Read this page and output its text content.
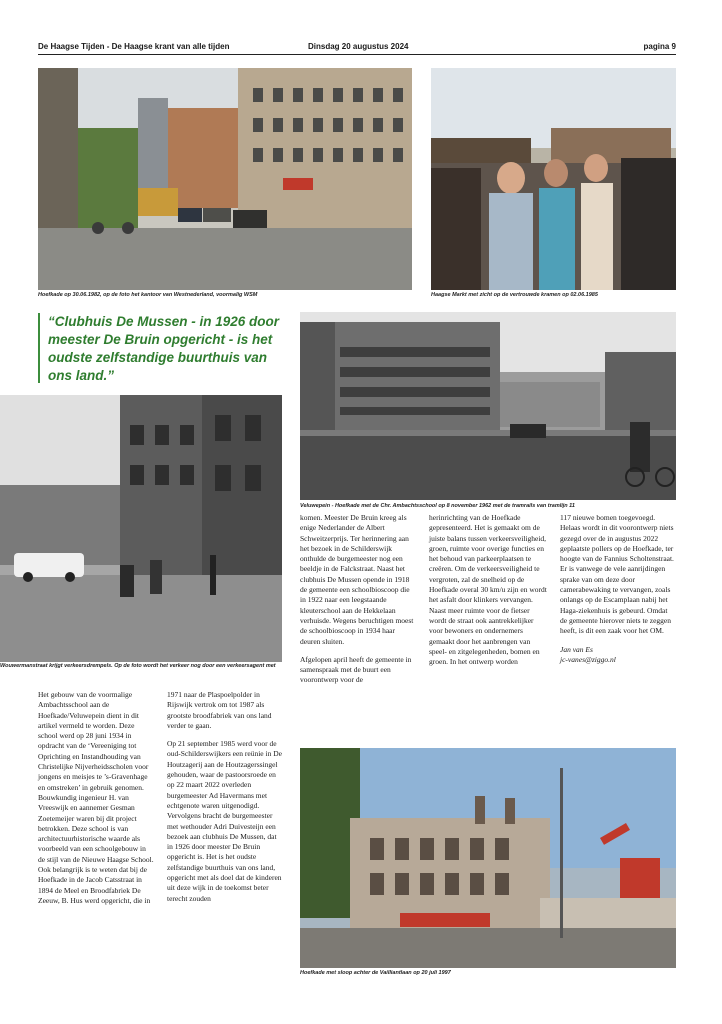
De Haagse Tijden - De Haagse krant van alle tijden	Dinsdag 20 augustus 2024	pagina 9
Hoefkade op 30.06.1982, op de foto het kantoor van Westnederland, voormalig WSM	Haagse Markt met zicht op de vertrouwde kramen op 02.06.1985

“Clubhuis De Mussen - in 1926 door meester De Bruin opgericht - is het oudste zelfstandige buurthuis van ons land.”

Veluwepein - Hoefkade met de Chr. Ambachtsschool op 8 november 1962 met de tramrails van tramlijn 11
Wouwermanstraat krijgt verkeersdrempels. Op de foto wordt het verkeer nog door een verkeersagent met

Het gebouw van de voormalige Ambachtsschool aan de Hoefkade/Veluwepein dient in dit artikel vermeld te worden. Deze school werd op 28 juni 1934 in opdracht van de ‘Vereeniging tot Oprichting en Instandhouding van Christelijke Nijverheidsscholen voor jongens en meisjes te ’s-Gravenhage en omstreken’ in gebruik genomen. Bouwkundig ingenieur H. van Vreeswijk en aannemer Gesman Zoetemeijer waren bij dit project betrokken. Deze school is van architectuurhistorische waarde als voorbeeld van een schoolgebouw in de stijl van de Nieuwe Haagse School. Ook belangrijk is te weten dat bij de Hoefkade in de Jacob Catsstraat in 1894 de Meel en Broodfabriek De Zeeuw, B. Hus werd opgericht, die in

1971 naar de Plaspoelpolder in Rijswijk vertrok om tot 1987 als grootste broodfabriek van ons land verder te gaan.

Op 21 september 1985 werd voor de oud-Schilderswijkers een reünie in De Houtzagerij aan de Houtzagerssingel gehouden, waar de pastoorsroede en op 22 maart 2022 overleden burgemeester Ad Havermans met echtgenote waren uitgenodigd. Vervolgens bracht de burgemeester met wethouder Adri Duivesteijn een bezoek aan clubhuis De Mussen, dat in 1926 door meester De Bruin opgericht is. Het is het oudste zelfstandige buurthuis van ons land, opgericht met als doel dat de kinderen uit deze wijk in de toekomst beter terecht zouden

komen. Meester De Bruin kreeg als enige Nederlander de Albert Schweitzerprijs. Ter herinnering aan het bezoek in de Schilderswijk onthulde de burgemeester nog een beeldje in de Falckstraat. Naast het clubhuis De Mussen opende in 1918 de gemeente een schoolbioscoop die in 1922 naar een leegstaande kleuterschool aan de Hekkelaan verhuisde. Wegens beruchtigen moest de schoolbioscoop in 1934 haar deuren sluiten.

Afgelopen april heeft de gemeente in samenspraak met de buurt een voorontwerp voor de

herinrichting van de Hoefkade gepresenteerd. Het is gemaakt om de juiste balans tussen verkeersveiligheid, groen, ruimte voor overige functies en het behoud van parkeerplaatsen te creëren. Om de verkeersveiligheid te vergroten, zal de snelheid op de Hoefkade overal 30 km/u zijn en wordt het asfalt door klinkers vervangen. Naast meer ruimte voor de fietser wordt de straat ook aantrekkelijker voor bewoners en ondernemers gemaakt door het aanbrengen van speel- en zitgelegenheden, bomen en groen. In het ontwerp worden

117 nieuwe bomen toegevoegd. Helaas wordt in dit voorontwerp niets gezegd over de in augustus 2022 geplaatste pollers op de Hoefkade, ter hoogte van de Fannius Scholtenstraat. Er is vanwege de vele aanrijdingen sprake van om deze door camerabewaking te vervangen, zoals onlangs op de Escamplaan nabij het Haga-ziekenhuis is gebeurd. Omdat de gemeente hierover niets te zeggen heeft, is dit een zaak voor het OM.

Jan van Es
jc-vanes@ziggo.nl
Hoefkade met sloop achter de Vailliantlaan op 20 juli 1997
